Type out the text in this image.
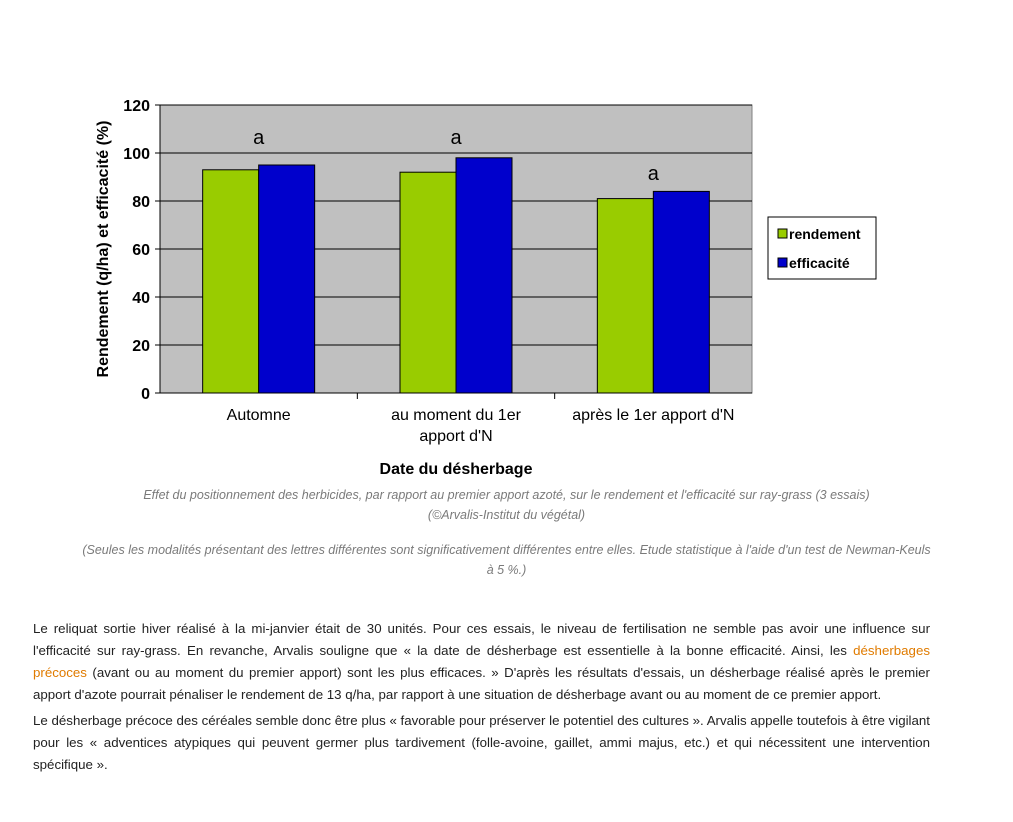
0
20
40
60
80
100
120
Automne	au moment du 1er
apport d'N
après le 1er apport d'N
a	a
a
Rendement (q/ha) et efficacité (%)
Date du désherbage
rendement
efficacité
Effet du positionnement des herbicides, par rapport au premier apport azoté, sur le rendement et l'efficacité sur ray-grass (3 essais)
(©Arvalis-Institut du végétal)
(Seules les modalités présentant des lettres différentes sont significativement différentes entre elles. Etude statistique à l'aide d'un test de Newman-Keuls à 5 %.)
Le reliquat sortie hiver réalisé à la mi-janvier était de 30 unités. Pour ces essais, le niveau de fertilisation ne semble pas avoir une influence sur l'efficacité sur ray-grass. En revanche, Arvalis souligne que « la date de désherbage est essentielle à la bonne efficacité. Ainsi, les désherbages précoces (avant ou au moment du premier apport) sont les plus efficaces. » D'après les résultats d'essais, un désherbage réalisé après le premier apport d'azote pourrait pénaliser le rendement de 13 q/ha, par rapport à une situation de désherbage avant ou au moment de ce premier apport.
Le désherbage précoce des céréales semble donc être plus « favorable pour préserver le potentiel des cultures ». Arvalis appelle toutefois à être vigilant pour les « adventices atypiques qui peuvent germer plus tardivement (folle-avoine, gaillet, ammi majus, etc.) et qui nécessitent une intervention spécifique ».
